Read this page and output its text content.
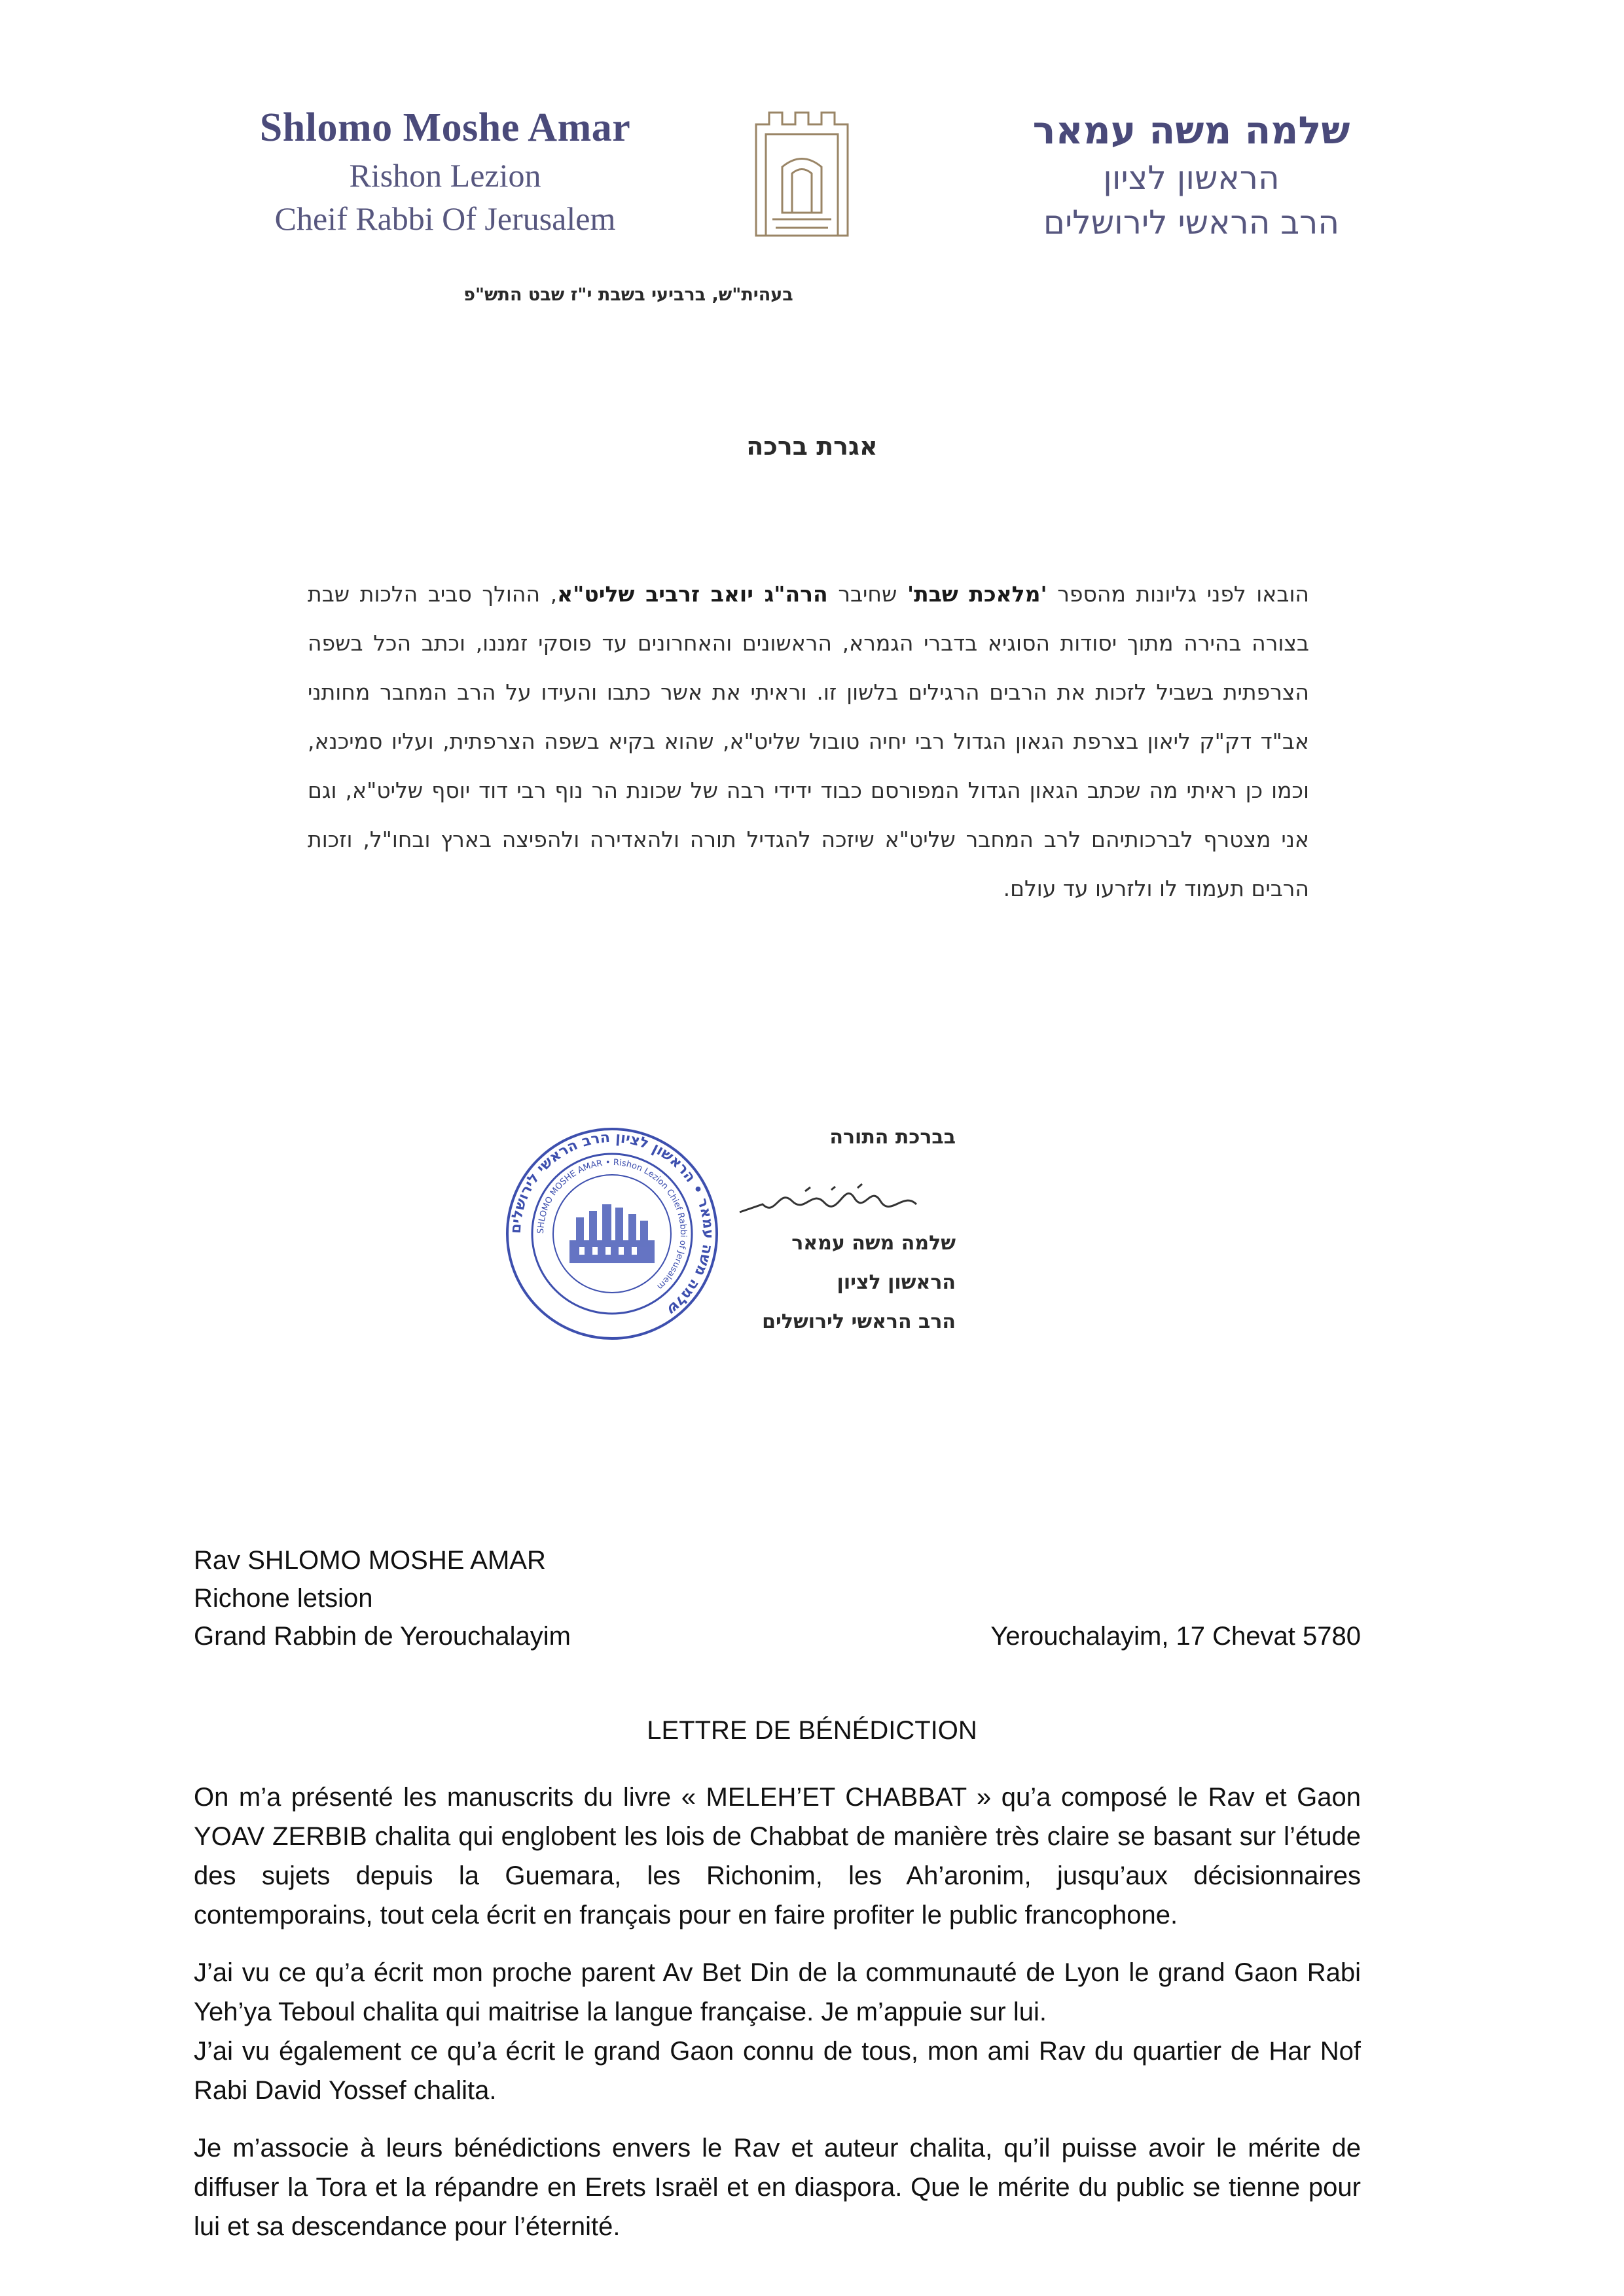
Shlomo Moshe Amar
Rishon Lezion
Cheif Rabbi Of Jerusalem
שלמה משה עמאר
הראשון לציון
הרב הראשי לירושלים
בעהית"ש, ברביעי בשבת י"ז שבט התש"פ
אגרת ברכה
הובאו לפני גליונות מהספר 'מלאכת שבת' שחיבר הרה"ג יואב זרביב שליט"א, ההולך סביב הלכות שבת בצורה בהירה מתוך יסודות הסוגיא בדברי הגמרא, הראשונים והאחרונים עד פוסקי זמננו, וכתב הכל בשפה הצרפתית בשביל לזכות את הרבים הרגילים בלשון זו. וראיתי את אשר כתבו והעידו על הרב המחבר מחותני אב"ד דק"ק ליאון בצרפת הגאון הגדול רבי יחיה טובול שליט"א, שהוא בקיא בשפה הצרפתית, ועליו סמיכנא, וכמו כן ראיתי מה שכתב הגאון הגדול המפורסם כבוד ידידי רבה של שכונת הר נוף רבי דוד יוסף שליט"א, וגם אני מצטרף לברכותיהם לרב המחבר שליט"א שיזכה להגדיל תורה ולהאדירה ולהפיצה בארץ ובחו"ל, וזכות הרבים תעמוד לו ולזרעו עד עולם.
שלמה משה עמאר • הראשון לציון הרב הראשי לירושלים
SHLOMO MOSHE AMAR • Rishon Lezion Chief Rabbi of Jerusalem
בברכת התורה
שלמה משה עמאר
הראשון לציון
הרב הראשי לירושלים
Rav SHLOMO MOSHE AMAR
Richone letsion
Grand Rabbin de Yerouchalayim	Yerouchalayim, 17 Chevat 5780
LETTRE DE BÉNÉDICTION

On m’a présenté les manuscrits du livre « MELEH’ET CHABBAT » qu’a composé le Rav et Gaon YOAV ZERBIB chalita qui englobent les lois de Chabbat de manière très claire se basant sur l’étude des sujets depuis la Guemara, les Richonim, les Ah’aronim, jusqu’aux décisionnaires contemporains, tout cela écrit en français pour en faire profiter le public francophone.

J’ai vu ce qu’a écrit mon proche parent Av Bet Din de la communauté de Lyon le grand Gaon Rabi Yeh’ya Teboul chalita qui maitrise la langue française. Je m’appuie sur lui.
J’ai vu également ce qu’a écrit le grand Gaon connu de tous, mon ami Rav du quartier de Har Nof Rabi David Yossef chalita.

Je m’associe à leurs bénédictions envers le Rav et auteur chalita, qu’il puisse avoir le mérite de diffuser la Tora et la répandre en Erets Israël et en diaspora. Que le mérite du public se tienne pour lui et sa descendance pour l’éternité.
